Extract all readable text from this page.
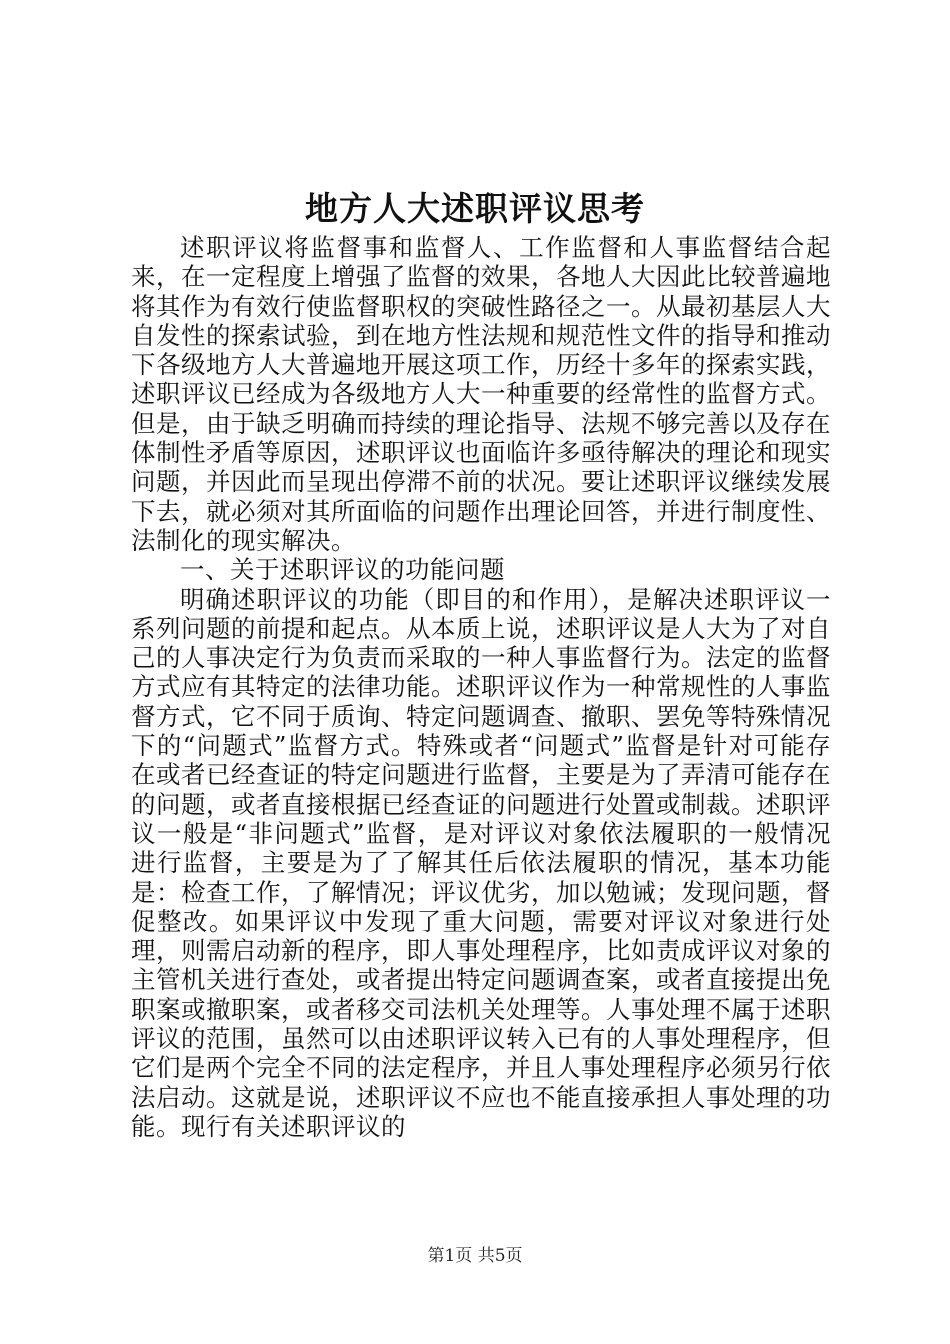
地方人大述职评议思考

述职评议将监督事和监督人、工作监督和人事监督结合起来，在一定程度上增强了监督的效果，各地人大因此比较普遍地将其作为有效行使监督职权的突破性路径之一。从最初基层人大自发性的探索试验，到在地方性法规和规范性文件的指导和推动下各级地方人大普遍地开展这项工作，历经十多年的探索实践，述职评议已经成为各级地方人大一种重要的经常性的监督方式。但是，由于缺乏明确而持续的理论指导、法规不够完善以及存在体制性矛盾等原因，述职评议也面临许多亟待解决的理论和现实问题，并因此而呈现出停滞不前的状况。要让述职评议继续发展下去，就必须对其所面临的问题作出理论回答，并进行制度性、法制化的现实解决。

一、关于述职评议的功能问题

明确述职评议的功能（即目的和作用），是解决述职评议一系列问题的前提和起点。从本质上说，述职评议是人大为了对自己的人事决定行为负责而采取的一种人事监督行为。法定的监督方式应有其特定的法律功能。述职评议作为一种常规性的人事监督方式，它不同于质询、特定问题调查、撤职、罢免等特殊情况下的“问题式”监督方式。特殊或者“问题式”监督是针对可能存在或者已经查证的特定问题进行监督，主要是为了弄清可能存在的问题，或者直接根据已经查证的问题进行处置或制裁。述职评议一般是“非问题式”监督，是对评议对象依法履职的一般情况进行监督，主要是为了了解其任后依法履职的情况，基本功能是：检查工作，了解情况；评议优劣，加以勉诫；发现问题，督促整改。如果评议中发现了重大问题，需要对评议对象进行处理，则需启动新的程序，即人事处理程序，比如责成评议对象的主管机关进行查处，或者提出特定问题调查案，或者直接提出免职案或撤职案，或者移交司法机关处理等。人事处理不属于述职评议的范围，虽然可以由述职评议转入已有的人事处理程序，但它们是两个完全不同的法定程序，并且人事处理程序必须另行依法启动。这就是说，述职评议不应也不能直接承担人事处理的功能。现行有关述职评议的

第1页 共5页
